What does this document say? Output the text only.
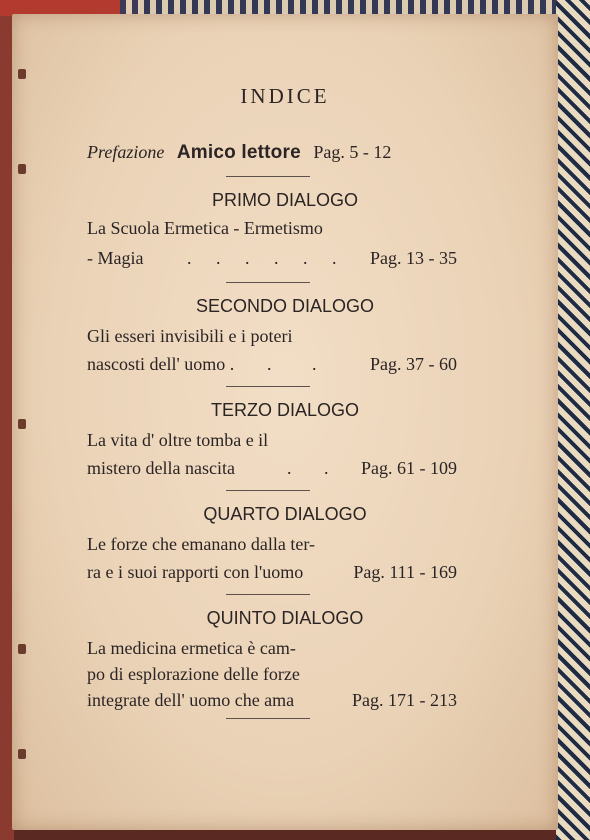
INDICE
Prefazione Amico lettore Pag. 5 - 12
PRIMO DIALOGO
La Scuola Ermetica - Ermetismo
- Magia . . . . . . Pag. 13 - 35
SECONDO DIALOGO
Gli esseri invisibili e i poteri
nascosti dell' uomo . . . Pag. 37 - 60
TERZO DIALOGO
La vita d' oltre tomba e il
mistero della nascita	. . Pag. 61 - 109
QUARTO DIALOGO
Le forze che emanano dalla ter-
ra e i suoi rapporti con l'uomo	Pag. 111 - 169
QUINTO DIALOGO
La medicina ermetica è cam-
po di esplorazione delle forze
integrate dell' uomo che ama	Pag. 171 - 213
